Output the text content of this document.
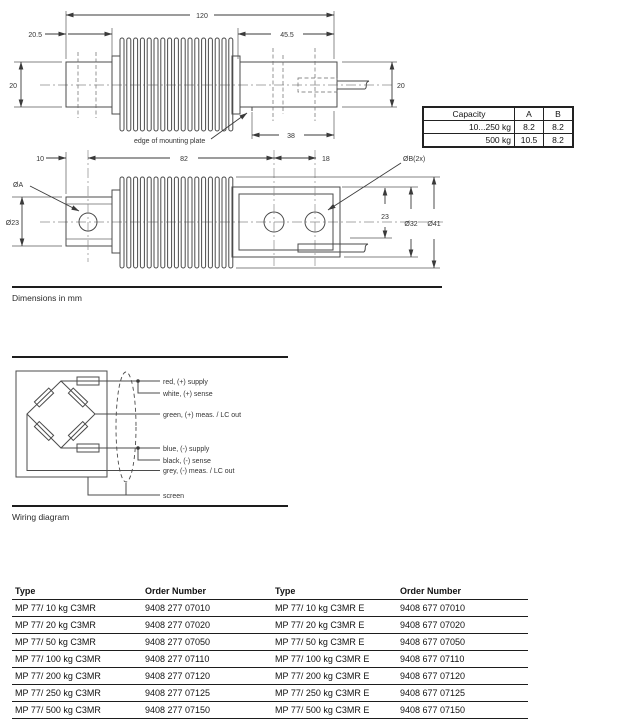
120
20.5	45.5
20	20
38
edge of mounting plate
10	82	18
ØA
Ø23
ØB(2x)
23
Ø32 Ø41
Capacity	A	B
10...250 kg	8.2	8.2
500 kg	10.5	8.2
Dimensions in mm
red, (+) supply
white, (+) sense
green, (+) meas. / LC out
blue, (-) supply
black, (-) sense
grey, (-) meas. / LC out
screen
Wiring diagram
Type	Order Number	Type	Order Number
MP 77/ 10 kg C3MR	9408 277 07010	MP 77/ 10 kg C3MR E	9408 677 07010
MP 77/ 20 kg C3MR	9408 277 07020	MP 77/ 20 kg C3MR E	9408 677 07020
MP 77/ 50 kg C3MR	9408 277 07050	MP 77/ 50 kg C3MR E	9408 677 07050
MP 77/ 100 kg C3MR	9408 277 07110	MP 77/ 100 kg C3MR E	9408 677 07110
MP 77/ 200 kg C3MR	9408 277 07120	MP 77/ 200 kg C3MR E	9408 677 07120
MP 77/ 250 kg C3MR	9408 277 07125	MP 77/ 250 kg C3MR E	9408 677 07125
MP 77/ 500 kg C3MR	9408 277 07150	MP 77/ 500 kg C3MR E	9408 677 07150
